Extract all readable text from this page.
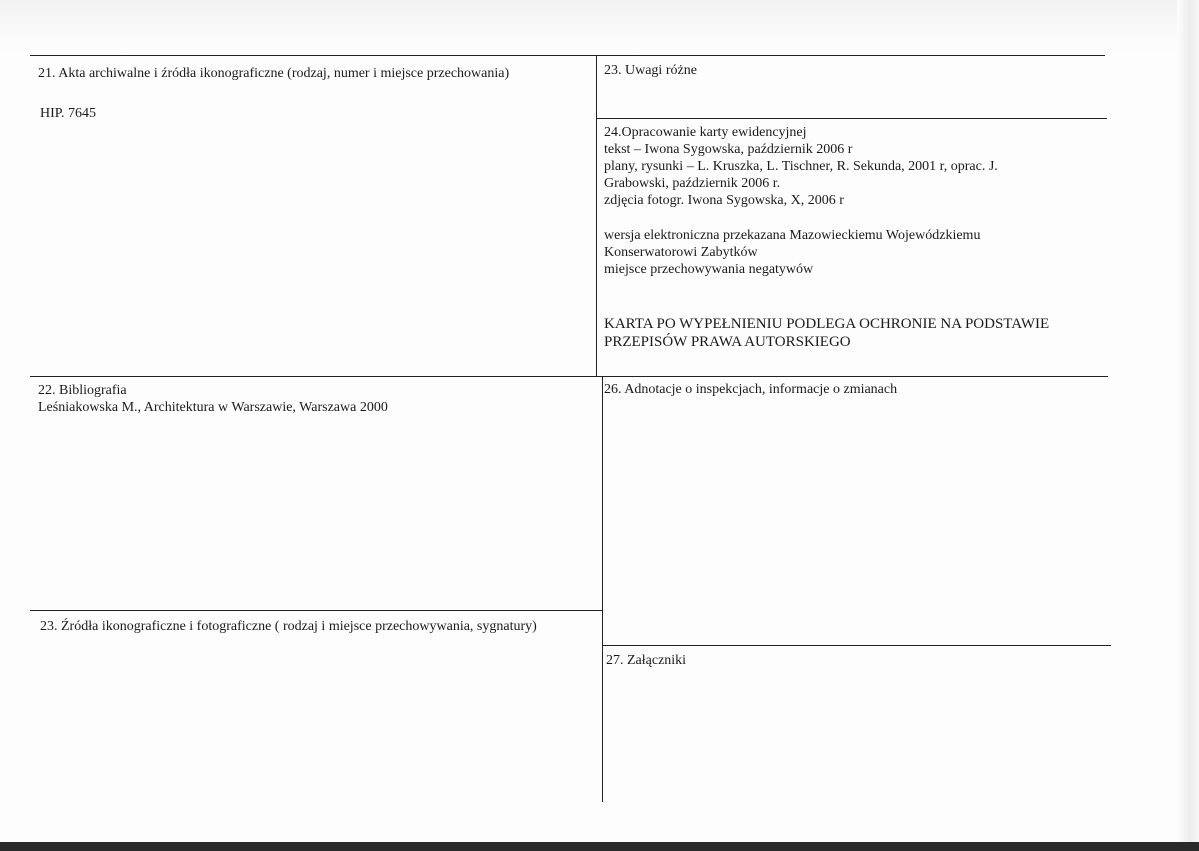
21. Akta archiwalne i źródła ikonograficzne (rodzaj, numer i miejsce przechowania)

HIP. 7645

23. Uwagi różne

24.Opracowanie karty ewidencyjnej

tekst – Iwona Sygowska, październik 2006 r

plany, rysunki – L. Kruszka, L. Tischner, R. Sekunda, 2001 r, oprac. J.

Grabowski, październik 2006 r.

zdjęcia fotogr. Iwona Sygowska, X, 2006 r

wersja elektroniczna przekazana Mazowieckiemu Wojewódzkiemu

Konserwatorowi Zabytków

miejsce przechowywania negatywów

KARTA PO WYPEŁNIENIU PODLEGA OCHRONIE NA PODSTAWIE

PRZEPISÓW PRAWA AUTORSKIEGO

22. Bibliografia

Leśniakowska M., Architektura w Warszawie, Warszawa 2000

26. Adnotacje o inspekcjach, informacje o zmianach

23. Źródła ikonograficzne i fotograficzne ( rodzaj i miejsce przechowywania, sygnatury)

27. Załączniki
